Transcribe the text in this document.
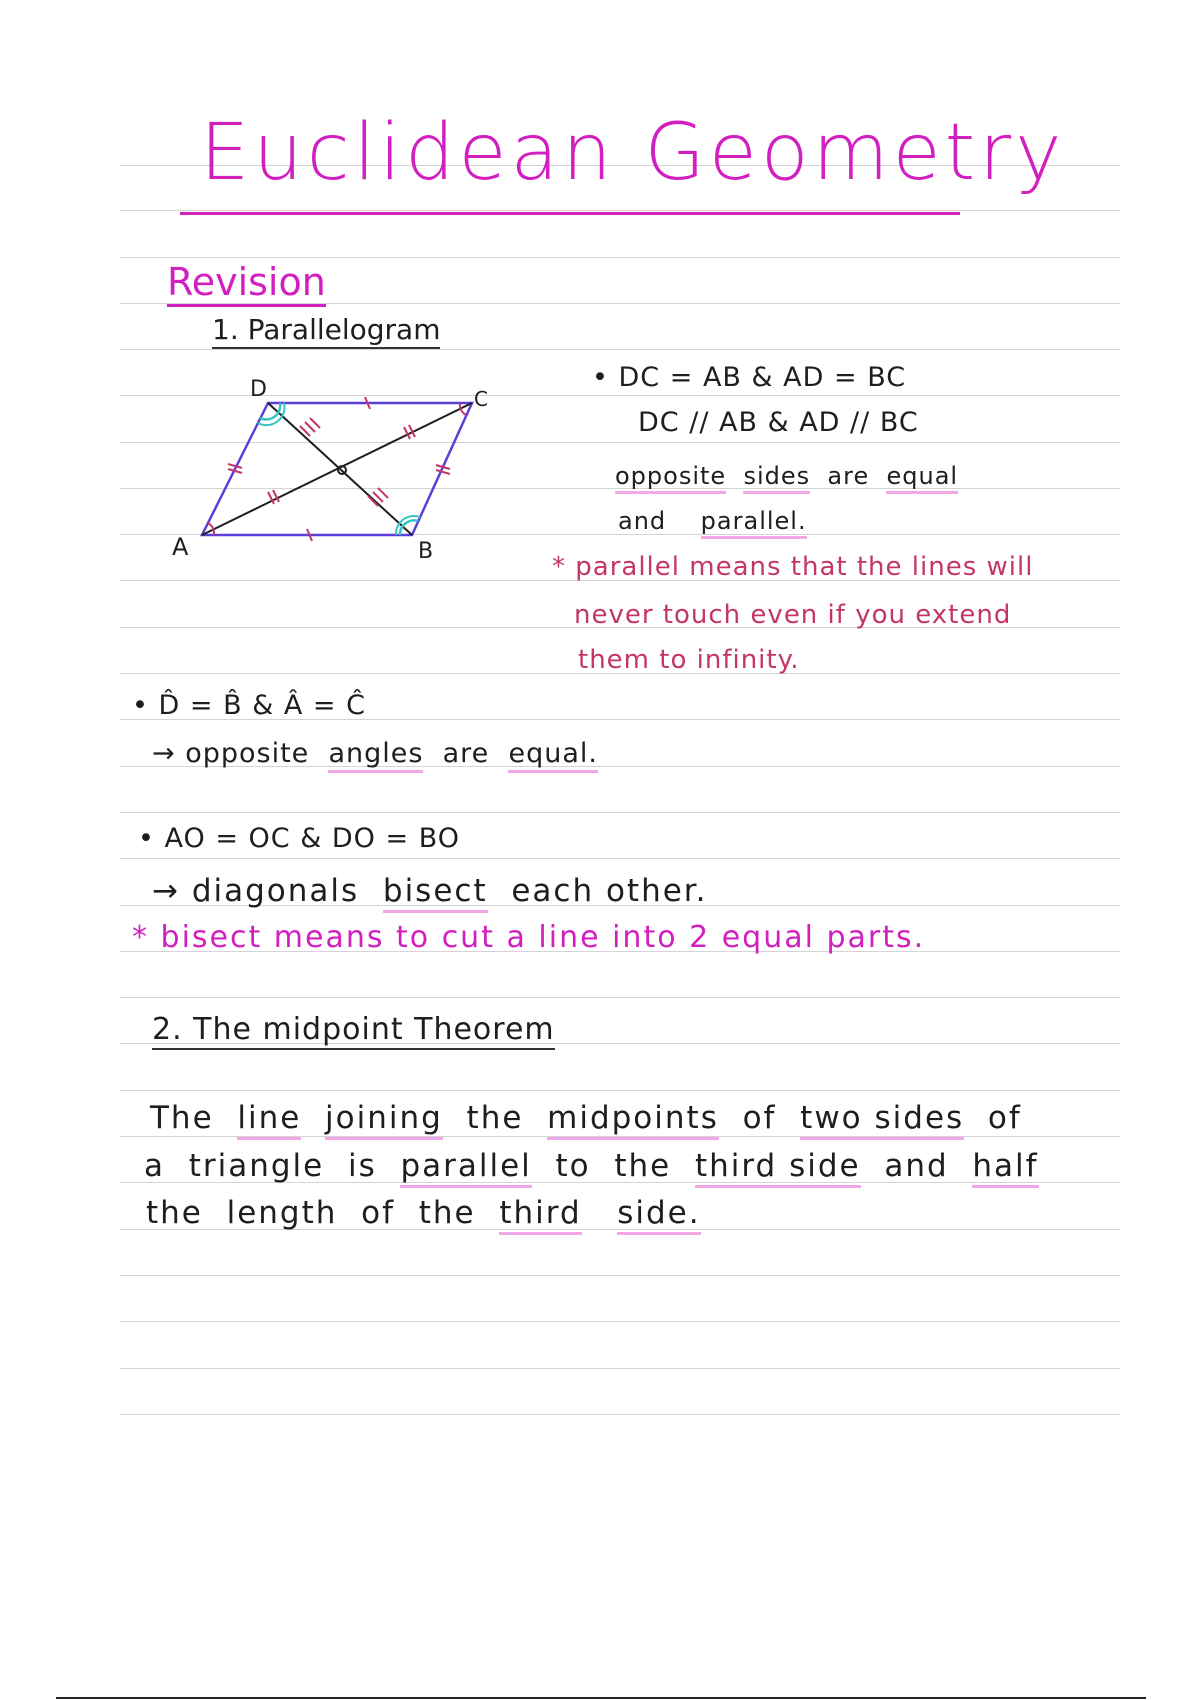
Euclidean Geometry
Revision
1. Parallelogram
A	B
C
D	• DC = AB & AD = BC
DC // AB & AD // BC
opposite sides are equal
and parallel.
* parallel means that the lines will
never touch even if you extend
them to infinity.
• D̂ = B̂ & Â = Ĉ
→ opposite angles are equal.
• AO = OC & DO = BO
→ diagonals bisect each other.
* bisect means to cut a line into 2 equal parts.
2. The midpoint Theorem
The line joining the midpoints of two sides of
a triangle is parallel to the third side and half
the length of the third side.
